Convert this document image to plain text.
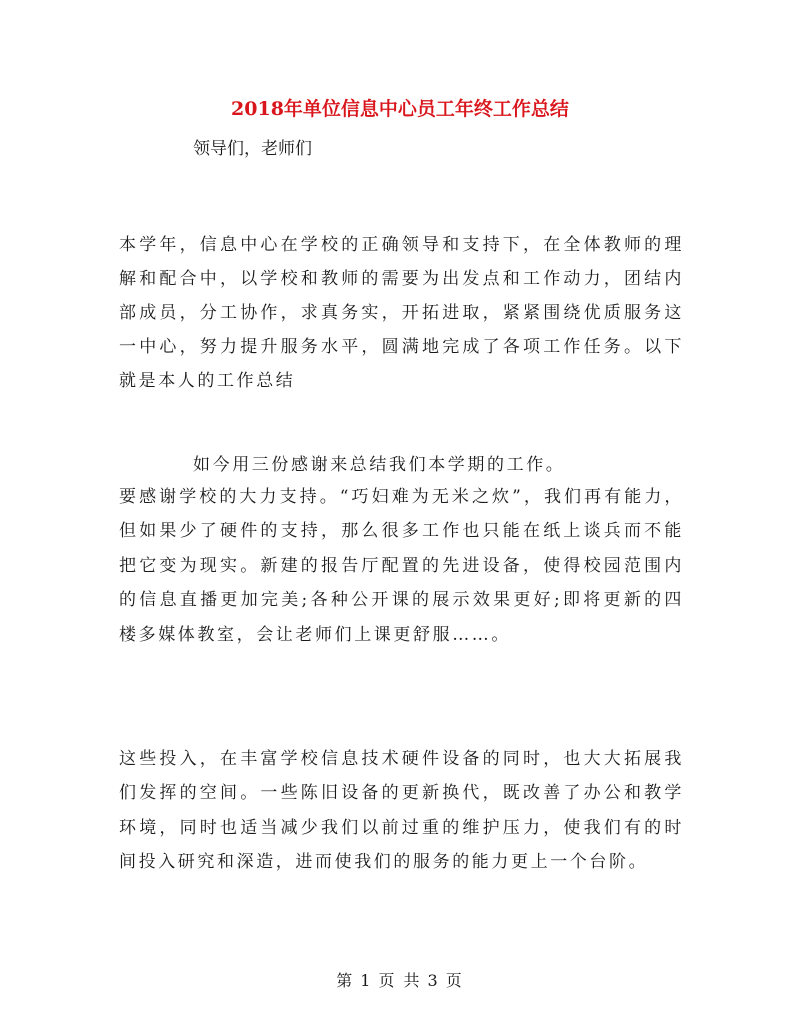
2018年单位信息中心员工年终工作总结
领导们，老师们

本学年，信息中心在学校的正确领导和支持下，在全体教师的理解和配合中，以学校和教师的需要为出发点和工作动力，团结内部成员，分工协作，求真务实，开拓进取，紧紧围绕优质服务这一中心，努力提升服务水平，圆满地完成了各项工作任务。以下就是本人的工作总结

如今用三份感谢来总结我们本学期的工作。

要感谢学校的大力支持。“巧妇难为无米之炊”，我们再有能力，但如果少了硬件的支持，那么很多工作也只能在纸上谈兵而不能把它变为现实。新建的报告厅配置的先进设备，使得校园范围内的信息直播更加完美;各种公开课的展示效果更好;即将更新的四楼多媒体教室，会让老师们上课更舒服……。

这些投入，在丰富学校信息技术硬件设备的同时，也大大拓展我们发挥的空间。一些陈旧设备的更新换代，既改善了办公和教学环境，同时也适当减少我们以前过重的维护压力，使我们有的时间投入研究和深造，进而使我们的服务的能力更上一个台阶。

第 1 页 共 3 页
